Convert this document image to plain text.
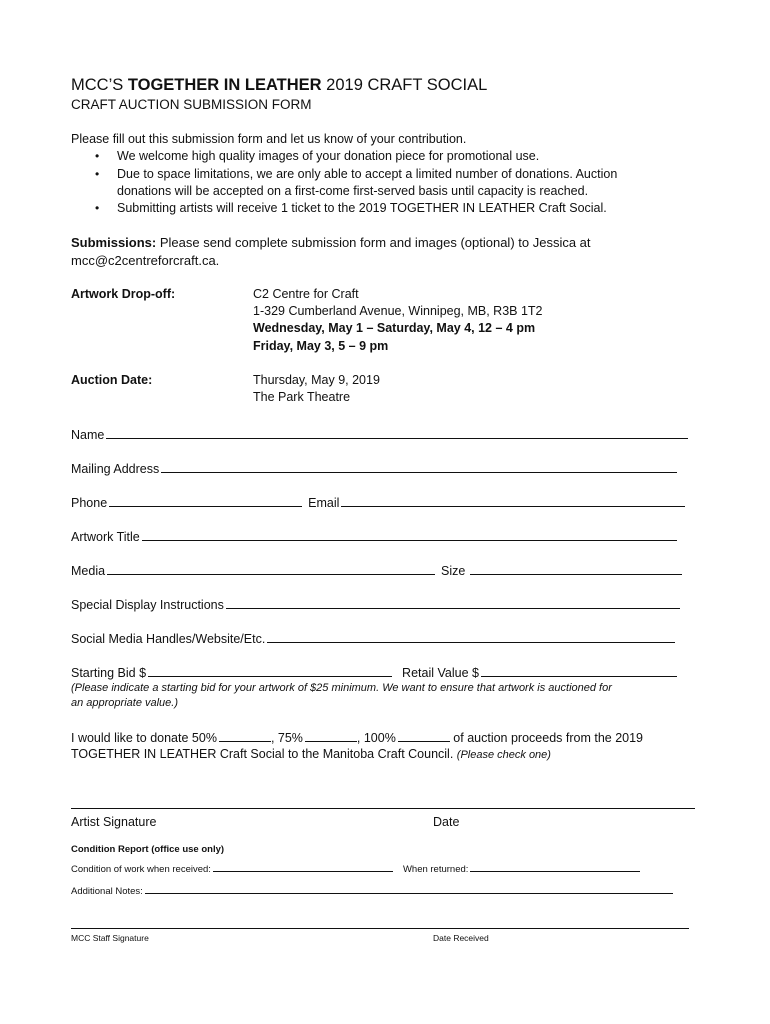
MCC’S TOGETHER IN LEATHER 2019 CRAFT SOCIAL
CRAFT AUCTION SUBMISSION FORM
Please fill out this submission form and let us know of your contribution.
• We welcome high quality images of your donation piece for promotional use.
• Due to space limitations, we are only able to accept a limited number of donations. Auction
donations will be accepted on a first-come first-served basis until capacity is reached.
• Submitting artists will receive 1 ticket to the 2019 TOGETHER IN LEATHER Craft Social.
Submissions: Please send complete submission form and images (optional) to Jessica at
mcc@c2centreforcraft.ca.
Artwork Drop-off:	C2 Centre for Craft
1-329 Cumberland Avenue, Winnipeg, MB, R3B 1T2
Wednesday, May 1 – Saturday, May 4, 12 – 4 pm
Friday, May 3, 5 – 9 pm
Auction Date:	Thursday, May 9, 2019
The Park Theatre
Name
Mailing Address
Phone	Email
Artwork Title
Media	Size
Special Display Instructions
Social Media Handles/Website/Etc.
Starting Bid $	Retail Value $
(Please indicate a starting bid for your artwork of $25 minimum. We want to ensure that artwork is auctioned for
an appropriate value.)
I would like to donate 50%	, 75%	, 100%	of auction proceeds from the 2019
TOGETHER IN LEATHER Craft Social to the Manitoba Craft Council. (Please check one)
Artist Signature	Date
Condition Report (office use only)
Condition of work when received:	When returned:
Additional Notes:
MCC Staff Signature	Date Received
